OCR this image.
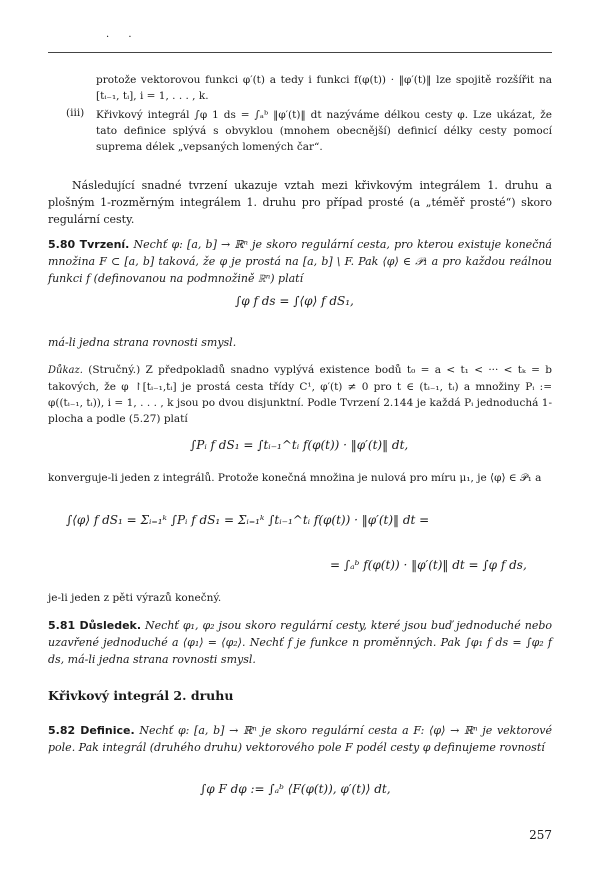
· ·

protože vektorovou funkci φ′(t) a tedy i funkci f(φ(t)) · ‖φ′(t)‖ lze spojitě rozšířit na [tᵢ₋₁, tᵢ], i = 1, . . . , k.

(iii) Křivkový integrál ∫φ 1 ds = ∫ₐᵇ ‖φ′(t)‖ dt nazýváme délkou cesty φ. Lze ukázat, že tato definice splývá s obvyklou (mnohem obecnější) definicí délky cesty pomocí suprema délek „vepsaných lomených čar“.

Následující snadné tvrzení ukazuje vztah mezi křivkovým integrálem 1. druhu a plošným 1-rozměrným integrálem 1. druhu pro případ prosté (a „téměř prosté“) skoro regulární cesty.

5.80 Tvrzení. Nechť φ: [a, b] → ℝⁿ je skoro regulární cesta, pro kterou existuje konečná množina F ⊂ [a, b] taková, že φ je prostá na [a, b] \ F. Pak ⟨φ⟩ ∈ 𝒫₁ a pro každou reálnou funkci f (definovanou na podmnožině ℝⁿ) platí

∫φ f ds = ∫⟨φ⟩ f dS₁,

má-li jedna strana rovnosti smysl.

Důkaz. (Stručný.) Z předpokladů snadno vyplývá existence bodů t₀ = a < t₁ < ··· < tₖ = b takových, že φ ↾[tᵢ₋₁,tᵢ] je prostá cesta třídy C¹, φ′(t) ≠ 0 pro t ∈ (tᵢ₋₁, tᵢ) a množiny Pᵢ := φ((tᵢ₋₁, tᵢ)), i = 1, . . . , k jsou po dvou disjunktní. Podle Tvrzení 2.144 je každá Pᵢ jednoduchá 1-plocha a podle (5.27) platí

∫Pᵢ f dS₁ = ∫tᵢ₋₁^tᵢ f(φ(t)) · ‖φ′(t)‖ dt,

konverguje-li jeden z integrálů. Protože konečná množina je nulová pro míru μ₁, je ⟨φ⟩ ∈ 𝒫₁ a

∫⟨φ⟩ f dS₁ = Σᵢ₌₁ᵏ ∫Pᵢ f dS₁ = Σᵢ₌₁ᵏ ∫tᵢ₋₁^tᵢ f(φ(t)) · ‖φ′(t)‖ dt =
= ∫ₐᵇ f(φ(t)) · ‖φ′(t)‖ dt = ∫φ f ds,

je-li jeden z pěti výrazů konečný.

5.81 Důsledek. Nechť φ₁, φ₂ jsou skoro regulární cesty, které jsou buď jednoduché nebo uzavřené jednoduché a ⟨φ₁⟩ = ⟨φ₂⟩. Nechť f je funkce n proměnných. Pak ∫φ₁ f ds = ∫φ₂ f ds, má-li jedna strana rovnosti smysl.

Křivkový integrál 2. druhu

5.82 Definice. Nechť φ: [a, b] → ℝⁿ je skoro regulární cesta a F: ⟨φ⟩ → ℝⁿ je vektorové pole. Pak integrál (druhého druhu) vektorového pole F podél cesty φ definujeme rovností

∫φ F dφ := ∫ₐᵇ ⟨F(φ(t)), φ′(t)⟩ dt,
257
